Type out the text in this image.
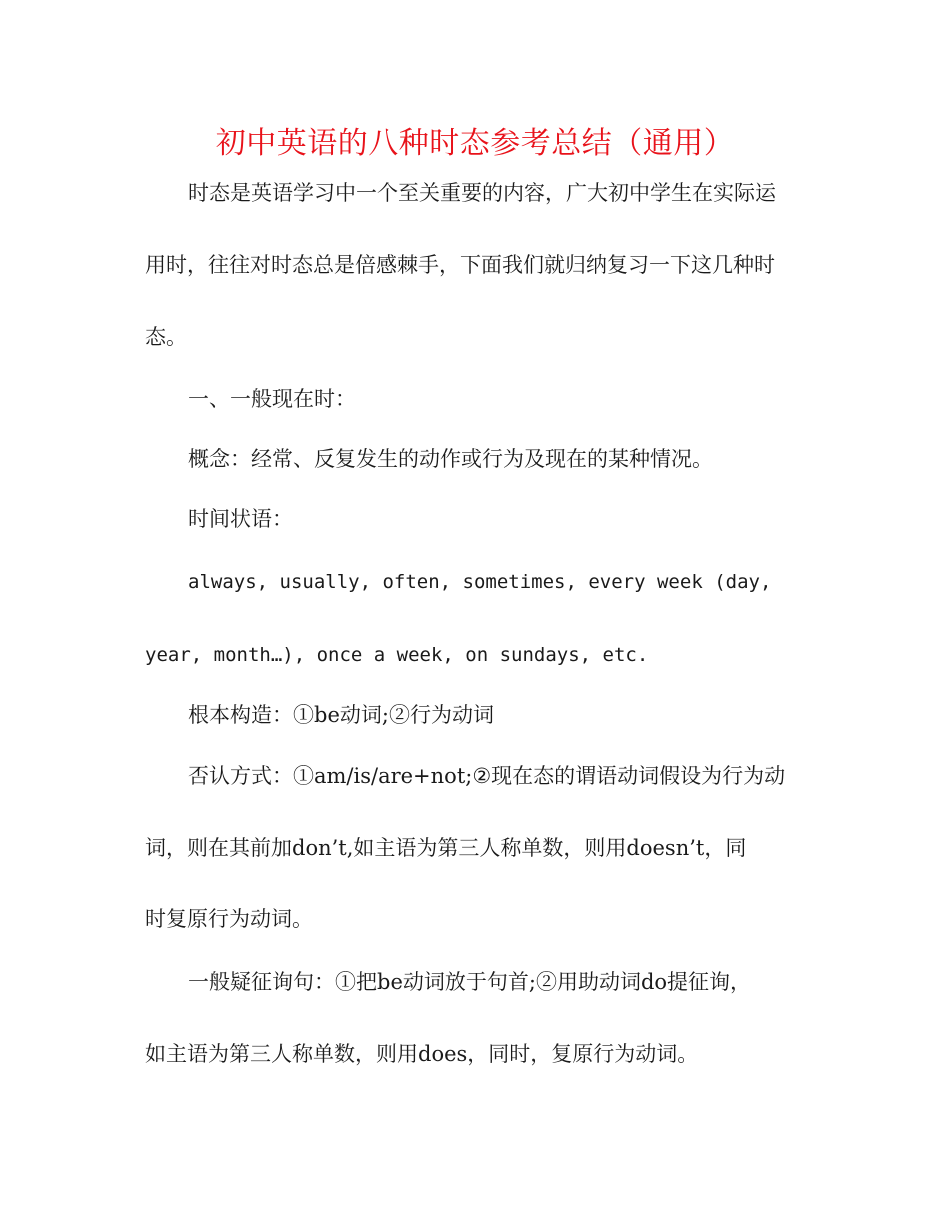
初中英语的八种时态参考总结（通用）

时态是英语学习中一个至关重要的内容，广大初中学生在实际运

用时，往往对时态总是倍感棘手，下面我们就归纳复习一下这几种时

态。

一、一般现在时：

概念：经常、反复发生的动作或行为及现在的某种情况。

时间状语：

always, usually, often, sometimes, every week (day,

year, month…), once a week, on sundays, etc.

根本构造：①be动词;②行为动词

否认方式：①am/is/are+not;②现在态的谓语动词假设为行为动

词，则在其前加don’t,如主语为第三人称单数，则用doesn’t，同

时复原行为动词。

一般疑征询句：①把be动词放于句首;②用助动词do提征询，

如主语为第三人称单数，则用does，同时，复原行为动词。
